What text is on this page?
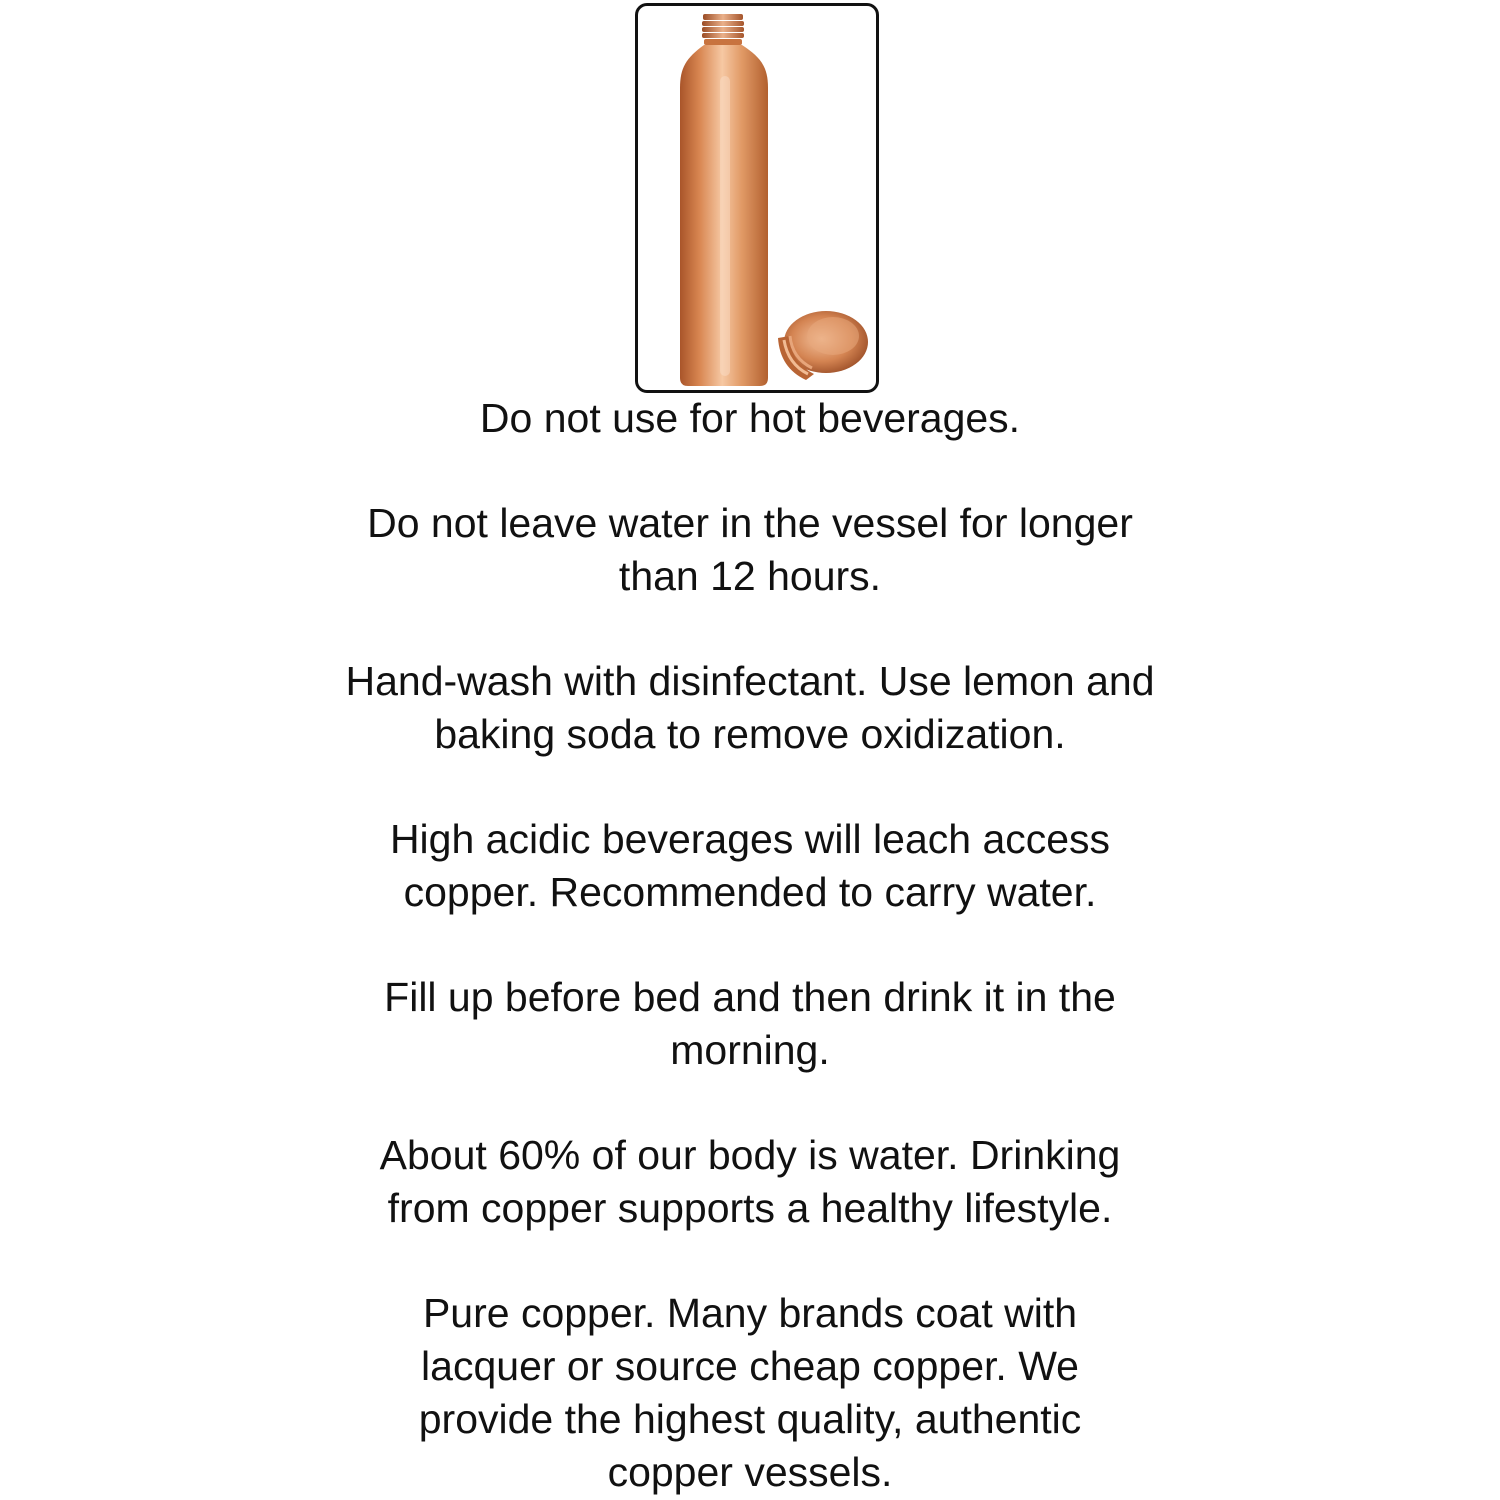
Do not use for hot beverages.

Do not leave water in the vessel for longer
than 12 hours.

Hand-wash with disinfectant. Use lemon and
baking soda to remove oxidization.

High acidic beverages will leach access
copper. Recommended to carry water.

Fill up before bed and then drink it in the
morning.

About 60% of our body is water. Drinking
from copper supports a healthy lifestyle.

Pure copper. Many brands coat with
lacquer or source cheap copper. We
provide the highest quality, authentic
copper vessels.
